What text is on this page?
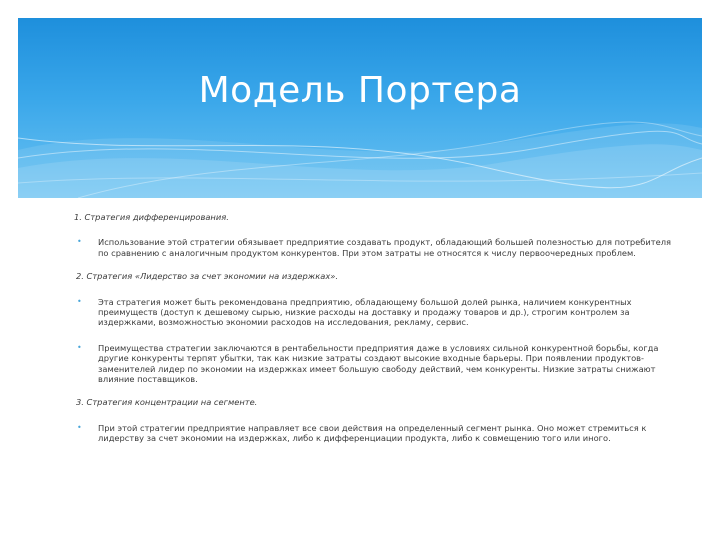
Модель Портера

1. Стратегия дифференцирования.

• Использование этой стратегии обязывает предприятие создавать продукт, обладающий большей полезностью для потребителя по сравнению с аналогичным продуктом конкурентов. При этом затраты не относятся к числу первоочередных проблем.

2. Стратегия «Лидерство за счет экономии на издержках».

• Эта стратегия может быть рекомендована предприятию, обладающему большой долей рынка, наличием конкурентных преимуществ (доступ к дешевому сырью, низкие расходы на доставку и продажу товаров и др.), строгим контролем за издержками, возможностью экономии расходов на исследования, рекламу, сервис.

• Преимущества стратегии заключаются в рентабельности предприятия даже в условиях сильной конкурентной борьбы, когда другие конкуренты терпят убытки, так как низкие затраты создают высокие входные барьеры. При появлении продуктов-заменителей лидер по экономии на издержках имеет большую свободу действий, чем конкуренты. Низкие затраты снижают влияние поставщиков.

3. Стратегия концентрации на сегменте.

• При этой стратегии предприятие направляет все свои действия на определенный сегмент рынка. Оно может стремиться к лидерству за счет экономии на издержках, либо к дифференциации продукта, либо к совмещению того или иного.
